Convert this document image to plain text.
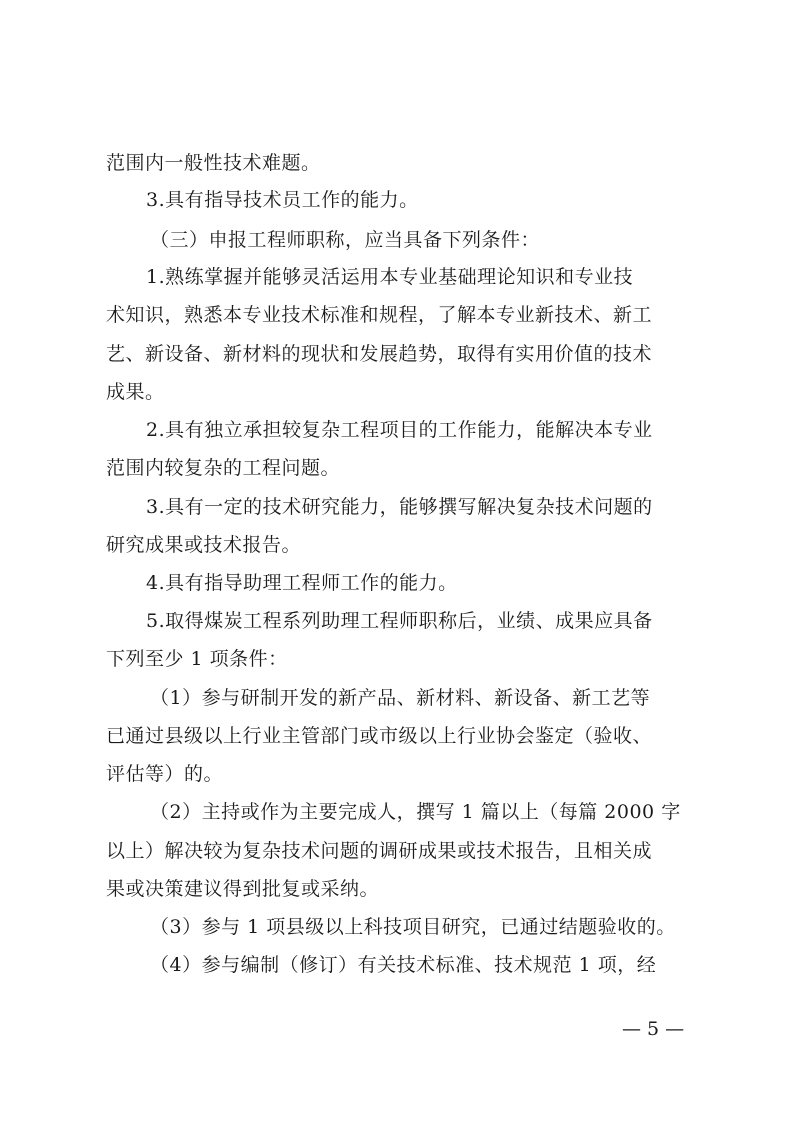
范围内一般性技术难题。
3.具有指导技术员工作的能力。
（三）申报工程师职称，应当具备下列条件：
1.熟练掌握并能够灵活运用本专业基础理论知识和专业技
术知识，熟悉本专业技术标准和规程，了解本专业新技术、新工
艺、新设备、新材料的现状和发展趋势，取得有实用价值的技术
成果。
2.具有独立承担较复杂工程项目的工作能力，能解决本专业
范围内较复杂的工程问题。
3.具有一定的技术研究能力，能够撰写解决复杂技术问题的
研究成果或技术报告。
4.具有指导助理工程师工作的能力。
5.取得煤炭工程系列助理工程师职称后，业绩、成果应具备
下列至少 1 项条件：
（1）参与研制开发的新产品、新材料、新设备、新工艺等
已通过县级以上行业主管部门或市级以上行业协会鉴定（验收、
评估等）的。
（2）主持或作为主要完成人，撰写 1 篇以上（每篇 2000 字
以上）解决较为复杂技术问题的调研成果或技术报告，且相关成
果或决策建议得到批复或采纳。
（3）参与 1 项县级以上科技项目研究，已通过结题验收的。
（4）参与编制（修订）有关技术标准、技术规范 1 项，经
— 5 —
